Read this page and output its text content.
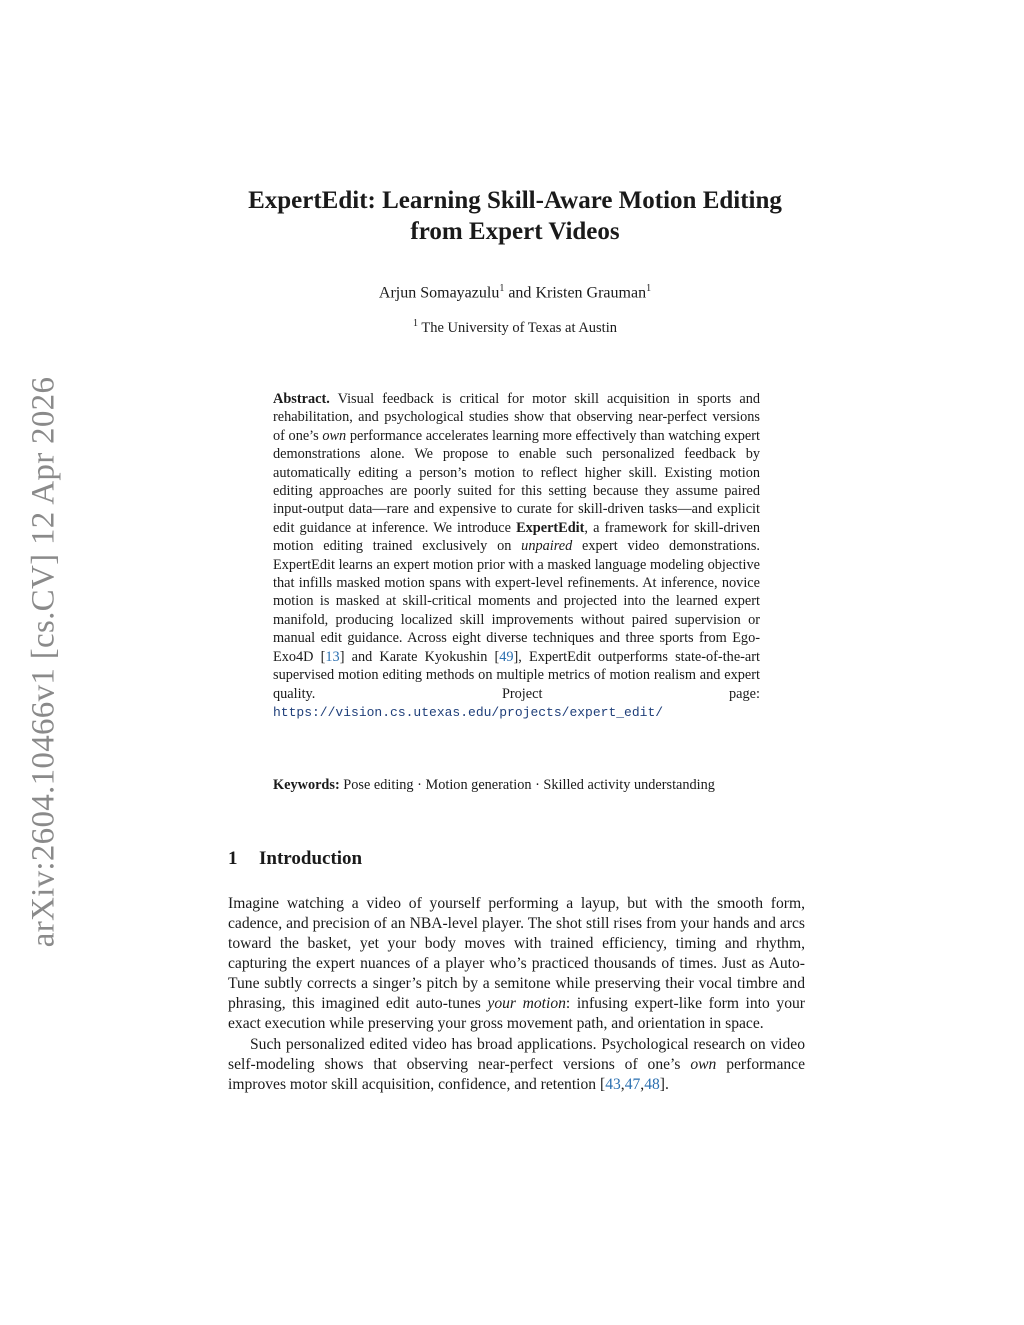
arXiv:2604.10466v1 [cs.CV] 12 Apr 2026
ExpertEdit: Learning Skill-Aware Motion Editing
from Expert Videos
Arjun Somayazulu$^1$ and Kristen Grauman$^1$
$^1$ The University of Texas at Austin
Abstract. Visual feedback is critical for motor skill acquisition in sports and rehabilitation, and psychological studies show that observing near-perfect versions of one’s own performance accelerates learning more effectively than watching expert demonstrations alone. We propose to enable such personalized feedback by automatically editing a person’s motion to reflect higher skill. Existing motion editing approaches are poorly suited for this setting because they assume paired input-output data—rare and expensive to curate for skill-driven tasks—and explicit edit guidance at inference. We introduce ExpertEdit, a framework for skill-driven motion editing trained exclusively on unpaired expert video demonstrations. ExpertEdit learns an expert motion prior with a masked language modeling objective that infills masked motion spans with expert-level refinements. At inference, novice motion is masked at skill-critical moments and projected into the learned expert manifold, producing localized skill improvements without paired supervision or manual edit guidance. Across eight diverse techniques and three sports from Ego-Exo4D [13] and Karate Kyokushin [49], ExpertEdit outperforms state-of-the-art supervised motion editing methods on multiple metrics of motion realism and expert quality. Project page: https://vision.cs.utexas.edu/projects/expert_edit/
Keywords: Pose editing · Motion generation · Skilled activity understanding
1 Introduction

Imagine watching a video of yourself performing a layup, but with the smooth form, cadence, and precision of an NBA-level player. The shot still rises from your hands and arcs toward the basket, yet your body moves with trained efficiency, timing and rhythm, capturing the expert nuances of a player who’s practiced thousands of times. Just as Auto-Tune subtly corrects a singer’s pitch by a semitone while preserving their vocal timbre and phrasing, this imagined edit auto-tunes your motion: infusing expert-like form into your exact execution while preserving your gross movement path, and orientation in space.

Such personalized edited video has broad applications. Psychological research on video self-modeling shows that observing near-perfect versions of one’s own performance improves motor skill acquisition, confidence, and retention [43,47,48].
